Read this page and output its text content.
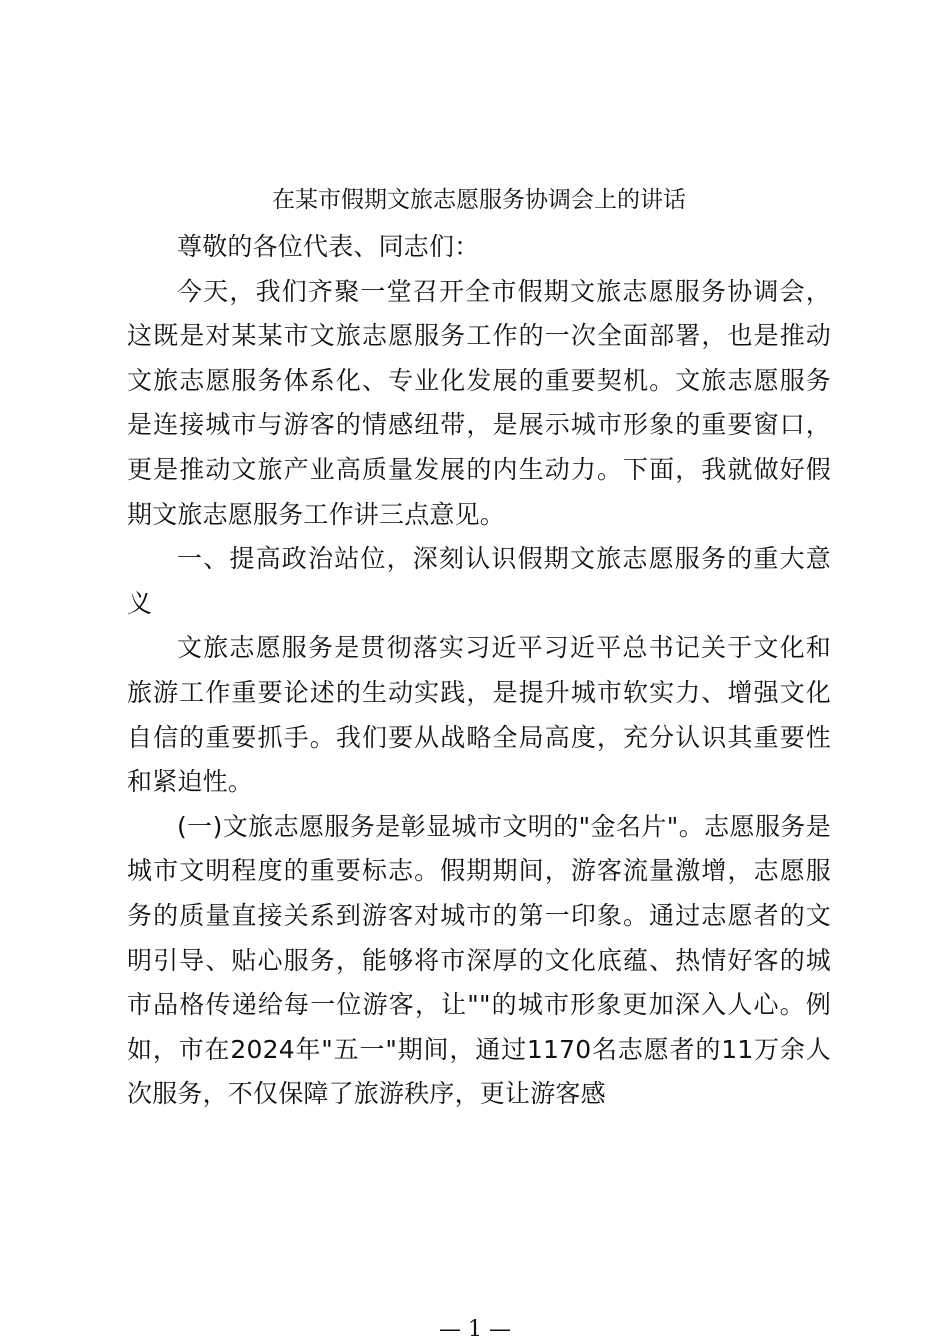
在某市假期文旅志愿服务协调会上的讲话

尊敬的各位代表、同志们：

今天，我们齐聚一堂召开全市假期文旅志愿服务协调会，这既是对某某市文旅志愿服务工作的一次全面部署，也是推动文旅志愿服务体系化、专业化发展的重要契机。文旅志愿服务是连接城市与游客的情感纽带，是展示城市形象的重要窗口，更是推动文旅产业高质量发展的内生动力。下面，我就做好假期文旅志愿服务工作讲三点意见。

一、提高政治站位，深刻认识假期文旅志愿服务的重大意义

文旅志愿服务是贯彻落实习近平习近平总书记关于文化和旅游工作重要论述的生动实践，是提升城市软实力、增强文化自信的重要抓手。我们要从战略全局高度，充分认识其重要性和紧迫性。

(一)文旅志愿服务是彰显城市文明的"金名片"。志愿服务是城市文明程度的重要标志。假期期间，游客流量激增，志愿服务的质量直接关系到游客对城市的第一印象。通过志愿者的文明引导、贴心服务，能够将市深厚的文化底蕴、热情好客的城市品格传递给每一位游客，让""的城市形象更加深入人心。例如，市在2024年"五一"期间，通过1170名志愿者的11万余人次服务，不仅保障了旅游秩序，更让游客感

— 1 —
